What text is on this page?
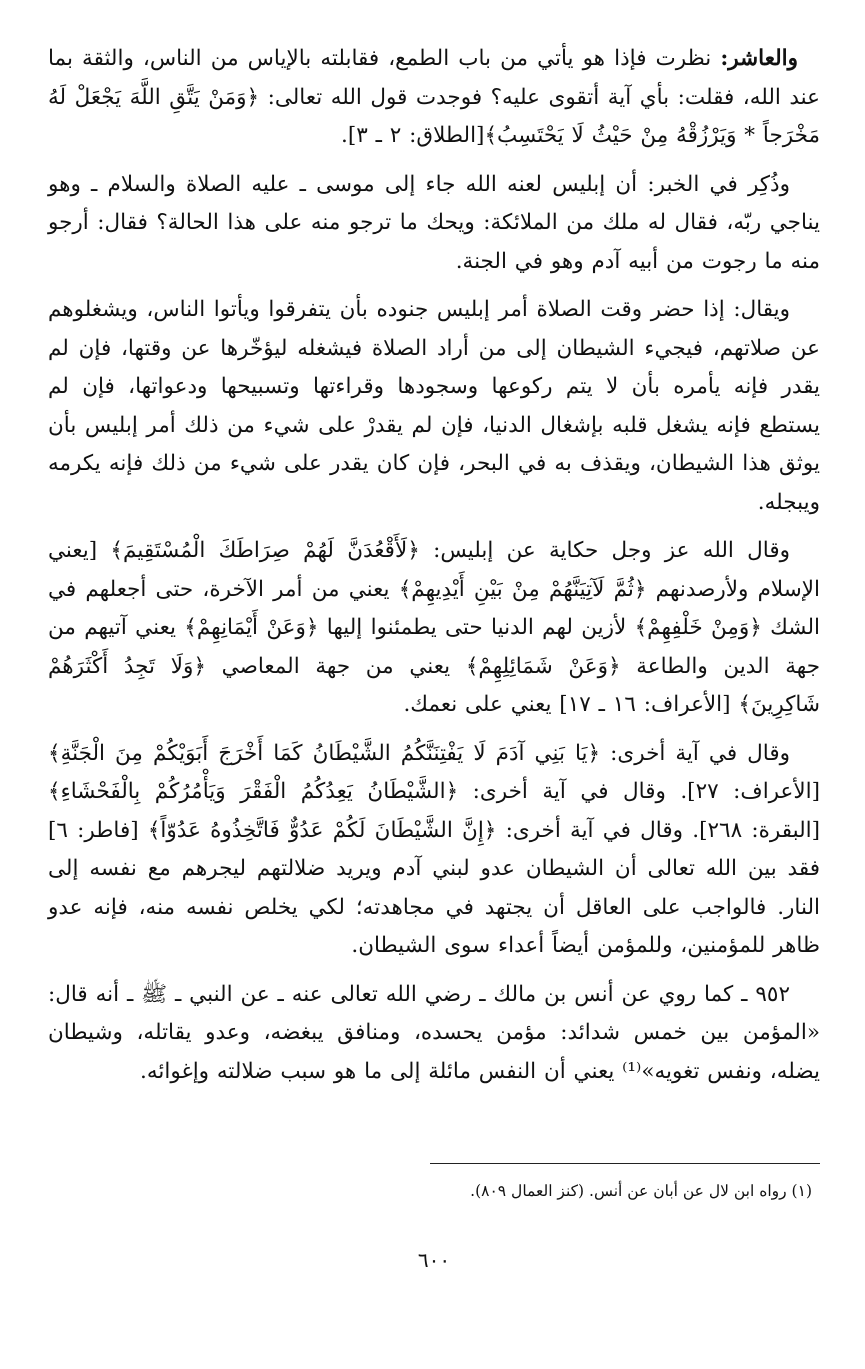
والعاشر: نظرت فإذا هو يأتي من باب الطمع، فقابلته بالإياس من الناس، والثقة بما عند الله، فقلت: بأي آية أتقوى عليه؟ فوجدت قول الله تعالى: ﴿وَمَنْ يَتَّقِ اللَّهَ يَجْعَلْ لَهُ مَخْرَجاً * وَيَرْزُقْهُ مِنْ حَيْثُ لَا يَحْتَسِبُ﴾[الطلاق: ٢ ـ ٣].

وذُكِر في الخبر: أن إبليس لعنه الله جاء إلى موسى ـ عليه الصلاة والسلام ـ وهو يناجي ربّه، فقال له ملك من الملائكة: ويحك ما ترجو منه على هذا الحالة؟ فقال: أرجو منه ما رجوت من أبيه آدم وهو في الجنة.

ويقال: إذا حضر وقت الصلاة أمر إبليس جنوده بأن يتفرقوا ويأتوا الناس، ويشغلوهم عن صلاتهم، فيجيء الشيطان إلى من أراد الصلاة فيشغله ليؤخّرها عن وقتها، فإن لم يقدر فإنه يأمره بأن لا يتم ركوعها وسجودها وقراءتها وتسبيحها ودعواتها، فإن لم يستطع فإنه يشغل قلبه بإشغال الدنيا، فإن لم يقدرْ على شيء من ذلك أمر إبليس بأن يوثق هذا الشيطان، ويقذف به في البحر، فإن كان يقدر على شيء من ذلك فإنه يكرمه ويبجله.

وقال الله عز وجل حكاية عن إبليس: ﴿لَأَقْعُدَنَّ لَهُمْ صِرَاطَكَ الْمُسْتَقِيمَ﴾ [يعني الإسلام ولأرصدنهم ﴿ثُمَّ لَآتِيَنَّهُمْ مِنْ بَيْنِ أَيْدِيهِمْ﴾ يعني من أمر الآخرة، حتى أجعلهم في الشك ﴿وَمِنْ خَلْفِهِمْ﴾ لأزين لهم الدنيا حتى يطمئنوا إليها ﴿وَعَنْ أَيْمَانِهِمْ﴾ يعني آتيهم من جهة الدين والطاعة ﴿وَعَنْ شَمَائِلِهِمْ﴾ يعني من جهة المعاصي ﴿وَلَا تَجِدُ أَكْثَرَهُمْ شَاكِرِينَ﴾ [الأعراف: ١٦ ـ ١٧] يعني على نعمك.

وقال في آية أخرى: ﴿يَا بَنِي آدَمَ لَا يَفْتِنَنَّكُمُ الشَّيْطَانُ كَمَا أَخْرَجَ أَبَوَيْكُمْ مِنَ الْجَنَّةِ﴾ [الأعراف: ٢٧]. وقال في آية أخرى: ﴿الشَّيْطَانُ يَعِدُكُمُ الْفَقْرَ وَيَأْمُرُكُمْ بِالْفَحْشَاءِ﴾ [البقرة: ٢٦٨]. وقال في آية أخرى: ﴿إِنَّ الشَّيْطَانَ لَكُمْ عَدُوٌّ فَاتَّخِذُوهُ عَدُوّاً﴾ [فاطر: ٦] فقد بين الله تعالى أن الشيطان عدو لبني آدم ويريد ضلالتهم ليجرهم مع نفسه إلى النار. فالواجب على العاقل أن يجتهد في مجاهدته؛ لكي يخلص نفسه منه، فإنه عدو ظاهر للمؤمنين، وللمؤمن أيضاً أعداء سوى الشيطان.

٩٥٢ ـ كما روي عن أنس بن مالك ـ رضي الله تعالى عنه ـ عن النبي ـ ﷺ ـ أنه قال: «المؤمن بين خمس شدائد: مؤمن يحسده، ومنافق يبغضه، وعدو يقاتله، وشيطان يضله، ونفس تغويه»⁽¹⁾ يعني أن النفس مائلة إلى ما هو سبب ضلالته وإغوائه.

(١) رواه ابن لال عن أبان عن أنس. (كنز العمال ٨٠٩).

٦٠٠
